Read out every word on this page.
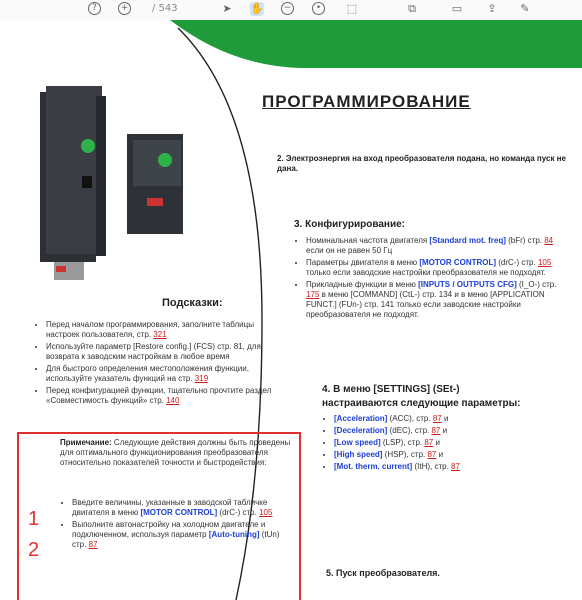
?	+ / 543	➤ ✋	−	•	⬚	⧉	▭ ⇪ ✎
ПРОГРАММИРОВАНИЕ
2. Электроэнергия на вход преобразователя подана, но команда пуск не дана.
3. Конфигурирование:
• Номинальная частота двигателя [Standard mot. freq] (bFr) стр. 84 если он не равен 50 Гц
• Параметры двигателя в меню [MOTOR CONTROL] (drC-) стр. 105 только если заводские настройки преобразователя не подходят.
• Прикладные функции в меню [INPUTS / OUTPUTS CFG] (I_O-) стр. 175 в меню [COMMAND] (CtL-) стр. 134 и в меню [APPLICATION FUNCT.] (FUn-) стр. 141 только если заводские настройки преобразователя не подходят.
4. В меню [SETTINGS] (SEt-)
настраиваются следующие параметры:
• [Acceleration] (ACC), стр. 87 и
• [Deceleration] (dEC), стр. 87 и
• [Low speed] (LSP), стр. 87 и
• [High speed] (HSP), стр. 87 и
• [Mot. therm. current] (ItH), стр. 87
5. Пуск преобразователя.
Подсказки:
• Перед началом программирования, заполните таблицы настроек пользователя, стр. 321
• Используйте параметр [Restore config.] (FCS) стр. 81, для возврата к заводским настройкам в любое время
• Для быстрого определения местоположения функции, используйте указатель функций на стр. 319
• Перед конфигурацией функции, тщательно прочтите раздел «Совместимость функций» стр. 140
Примечание: Следующие действия должны быть проведены для оптимального функционирования преобразователя относительно показателей точности и быстродействия:
• Введите величины, указанные в заводской табличке двигателя в меню [MOTOR CONTROL] (drC-) стр. 105
• Выполните автонастройку на холодном двигателе и подключенном, используя параметр [Auto-tuning] (tUn) стр. 87
1
2
